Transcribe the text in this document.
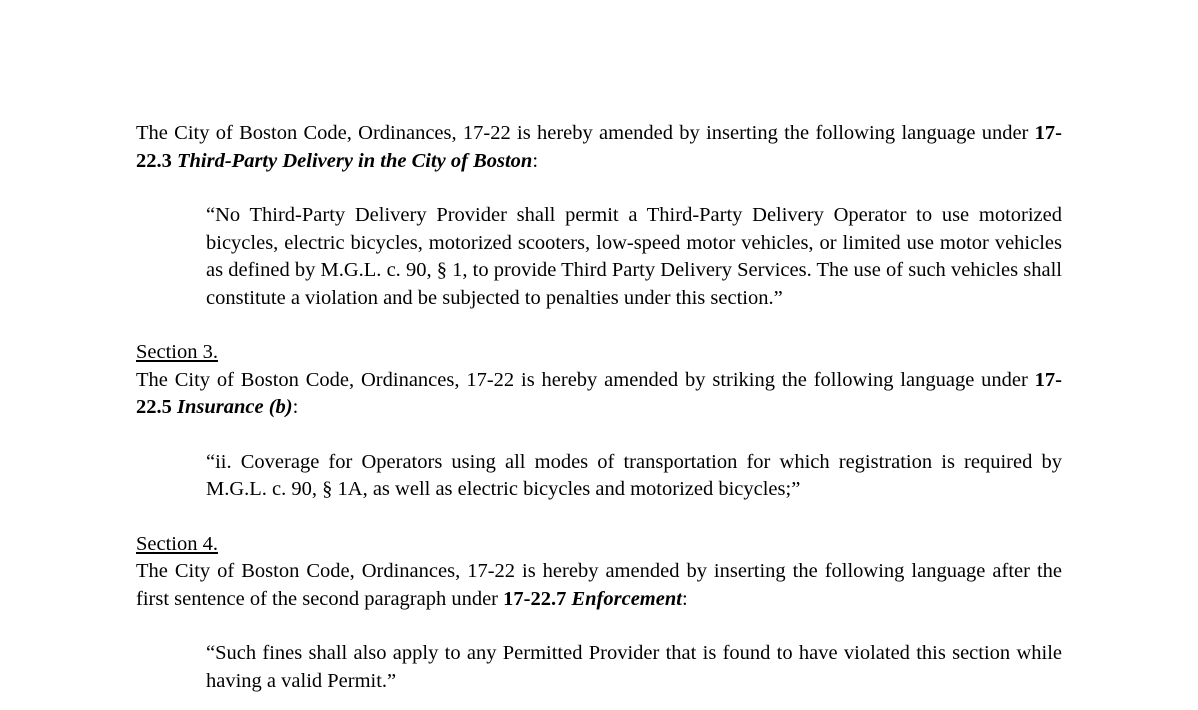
The City of Boston Code, Ordinances, 17-22 is hereby amended by inserting the following language under 17-22.3 Third-Party Delivery in the City of Boston:

“No Third-Party Delivery Provider shall permit a Third-Party Delivery Operator to use motorized bicycles, electric bicycles, motorized scooters, low-speed motor vehicles, or limited use motor vehicles as defined by M.G.L. c. 90, § 1, to provide Third Party Delivery Services. The use of such vehicles shall constitute a violation and be subjected to penalties under this section.”

Section 3.

The City of Boston Code, Ordinances, 17-22 is hereby amended by striking the following language under 17-22.5 Insurance (b):

“ii. Coverage for Operators using all modes of transportation for which registration is required by M.G.L. c. 90, § 1A, as well as electric bicycles and motorized bicycles;”

Section 4.

The City of Boston Code, Ordinances, 17-22 is hereby amended by inserting the following language after the first sentence of the second paragraph under 17-22.7 Enforcement:

“Such fines shall also apply to any Permitted Provider that is found to have violated this section while having a valid Permit.”
